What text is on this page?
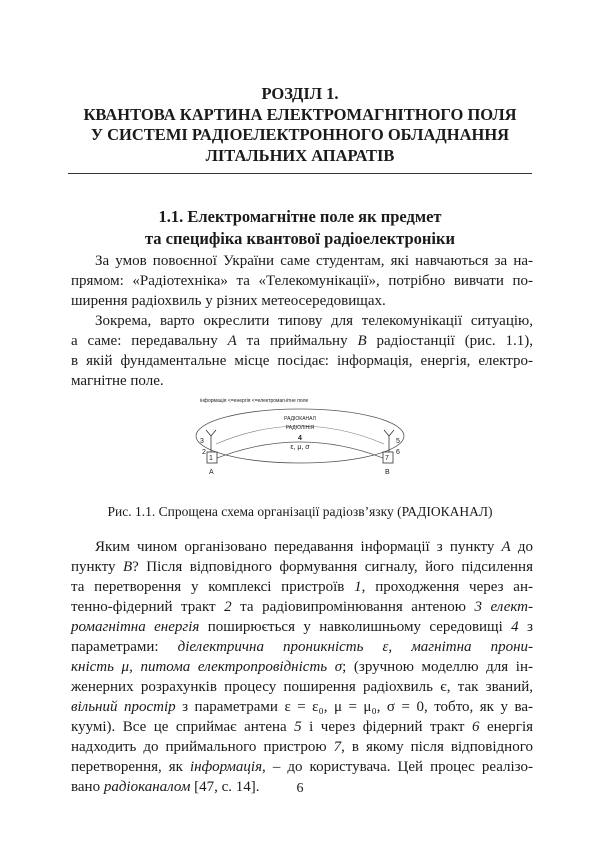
РОЗДІЛ 1.
КВАНТОВА КАРТИНА ЕЛЕКТРОМАГНІТНОГО ПОЛЯ
У СИСТЕМІ РАДІОЕЛЕКТРОННОГО ОБЛАДНАННЯ
ЛІТАЛЬНИХ АПАРАТІВ
1.1. Електромагнітне поле як предмет
та специфіка квантової радіоелектроніки
За умов повоєнної України саме студентам, які навчаються за на-
прямом: «Радіотехніка» та «Телекомунікації», потрібно вивчати по-
ширення радіохвиль у різних метеосередовищах.
Зокрема, варто окреслити типову для телекомунікації ситуацію,
а саме: передавальну A та приймальну B радіостанції (рис. 1.1),
в якій фундаментальне місце посідає: інформація, енергія, електро-
магнітне поле.
інформація <=енергія <=електромагнітне поле
РАДІОКАНАЛ
РАДІОЛІНІЯ
4
ε, μ, σ
3
2
1
A
5
6
7
B
Рис. 1.1. Спрощена схема організації радіозв’язку (РАДІОКАНАЛ)
Яким чином організовано передавання інформації з пункту A до
пункту B? Після відповідного формування сигналу, його підсилення
та перетворення у комплексі пристроїв 1, проходження через ан-
тенно-фідерний тракт 2 та радіовипромінювання антеною 3 елект-
ромагнітна енергія поширюється у навколишньому середовищі 4 з
параметрами: діелектрична проникність ε, магнітна прони-
кність μ, питома електропровідність σ; (зручною моделлю для ін-
женерних розрахунків процесу поширення радіохвиль є, так званий,
вільний простір з параметрами ε = ε₀, μ = μ₀, σ = 0, тобто, як у ва-
куумі). Все це сприймає антена 5 і через фідерний тракт 6 енергія
надходить до приймального пристрою 7, в якому після відповідного
перетворення, як інформація, – до користувача. Цей процес реалізо-
вано радіоканалом [47, с. 14].	6
